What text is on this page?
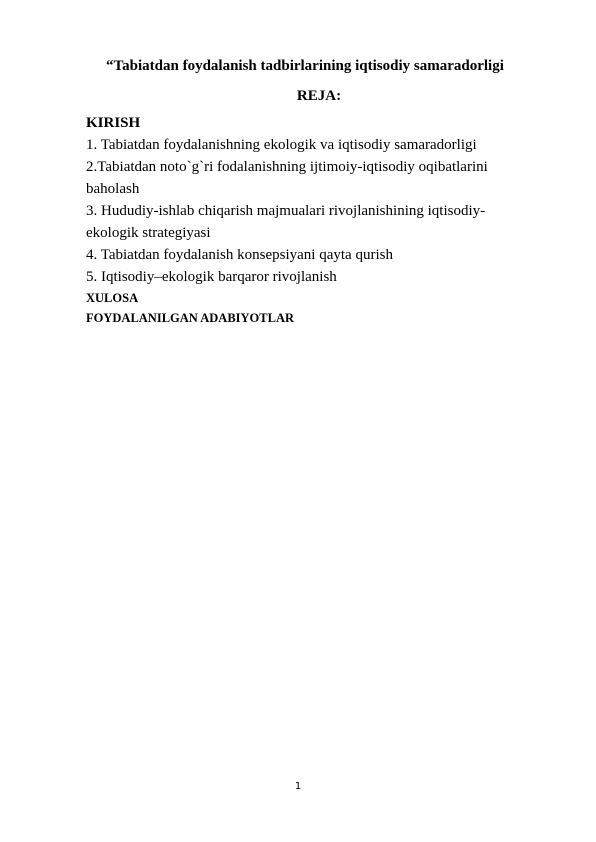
“Tabiatdan foydalanish tadbirlarining iqtisodiy samaradorligi
REJA:
KIRISH
1. Tabiatdan foydalanishning ekologik va iqtisodiy samaradorligi
2.Tabiatdan noto`g`ri fodalanishning ijtimoiy-iqtisodiy oqibatlarini
baholash
3. Hududiy-ishlab chiqarish majmualari rivojlanishining iqtisodiy-
ekologik strategiyasi
4. Tabiatdan foydalanish konsepsiyani qayta qurish
5. Iqtisodiy–ekologik barqaror rivojlanish
XULOSA
FOYDALANILGAN ADABIYOTLAR
1
